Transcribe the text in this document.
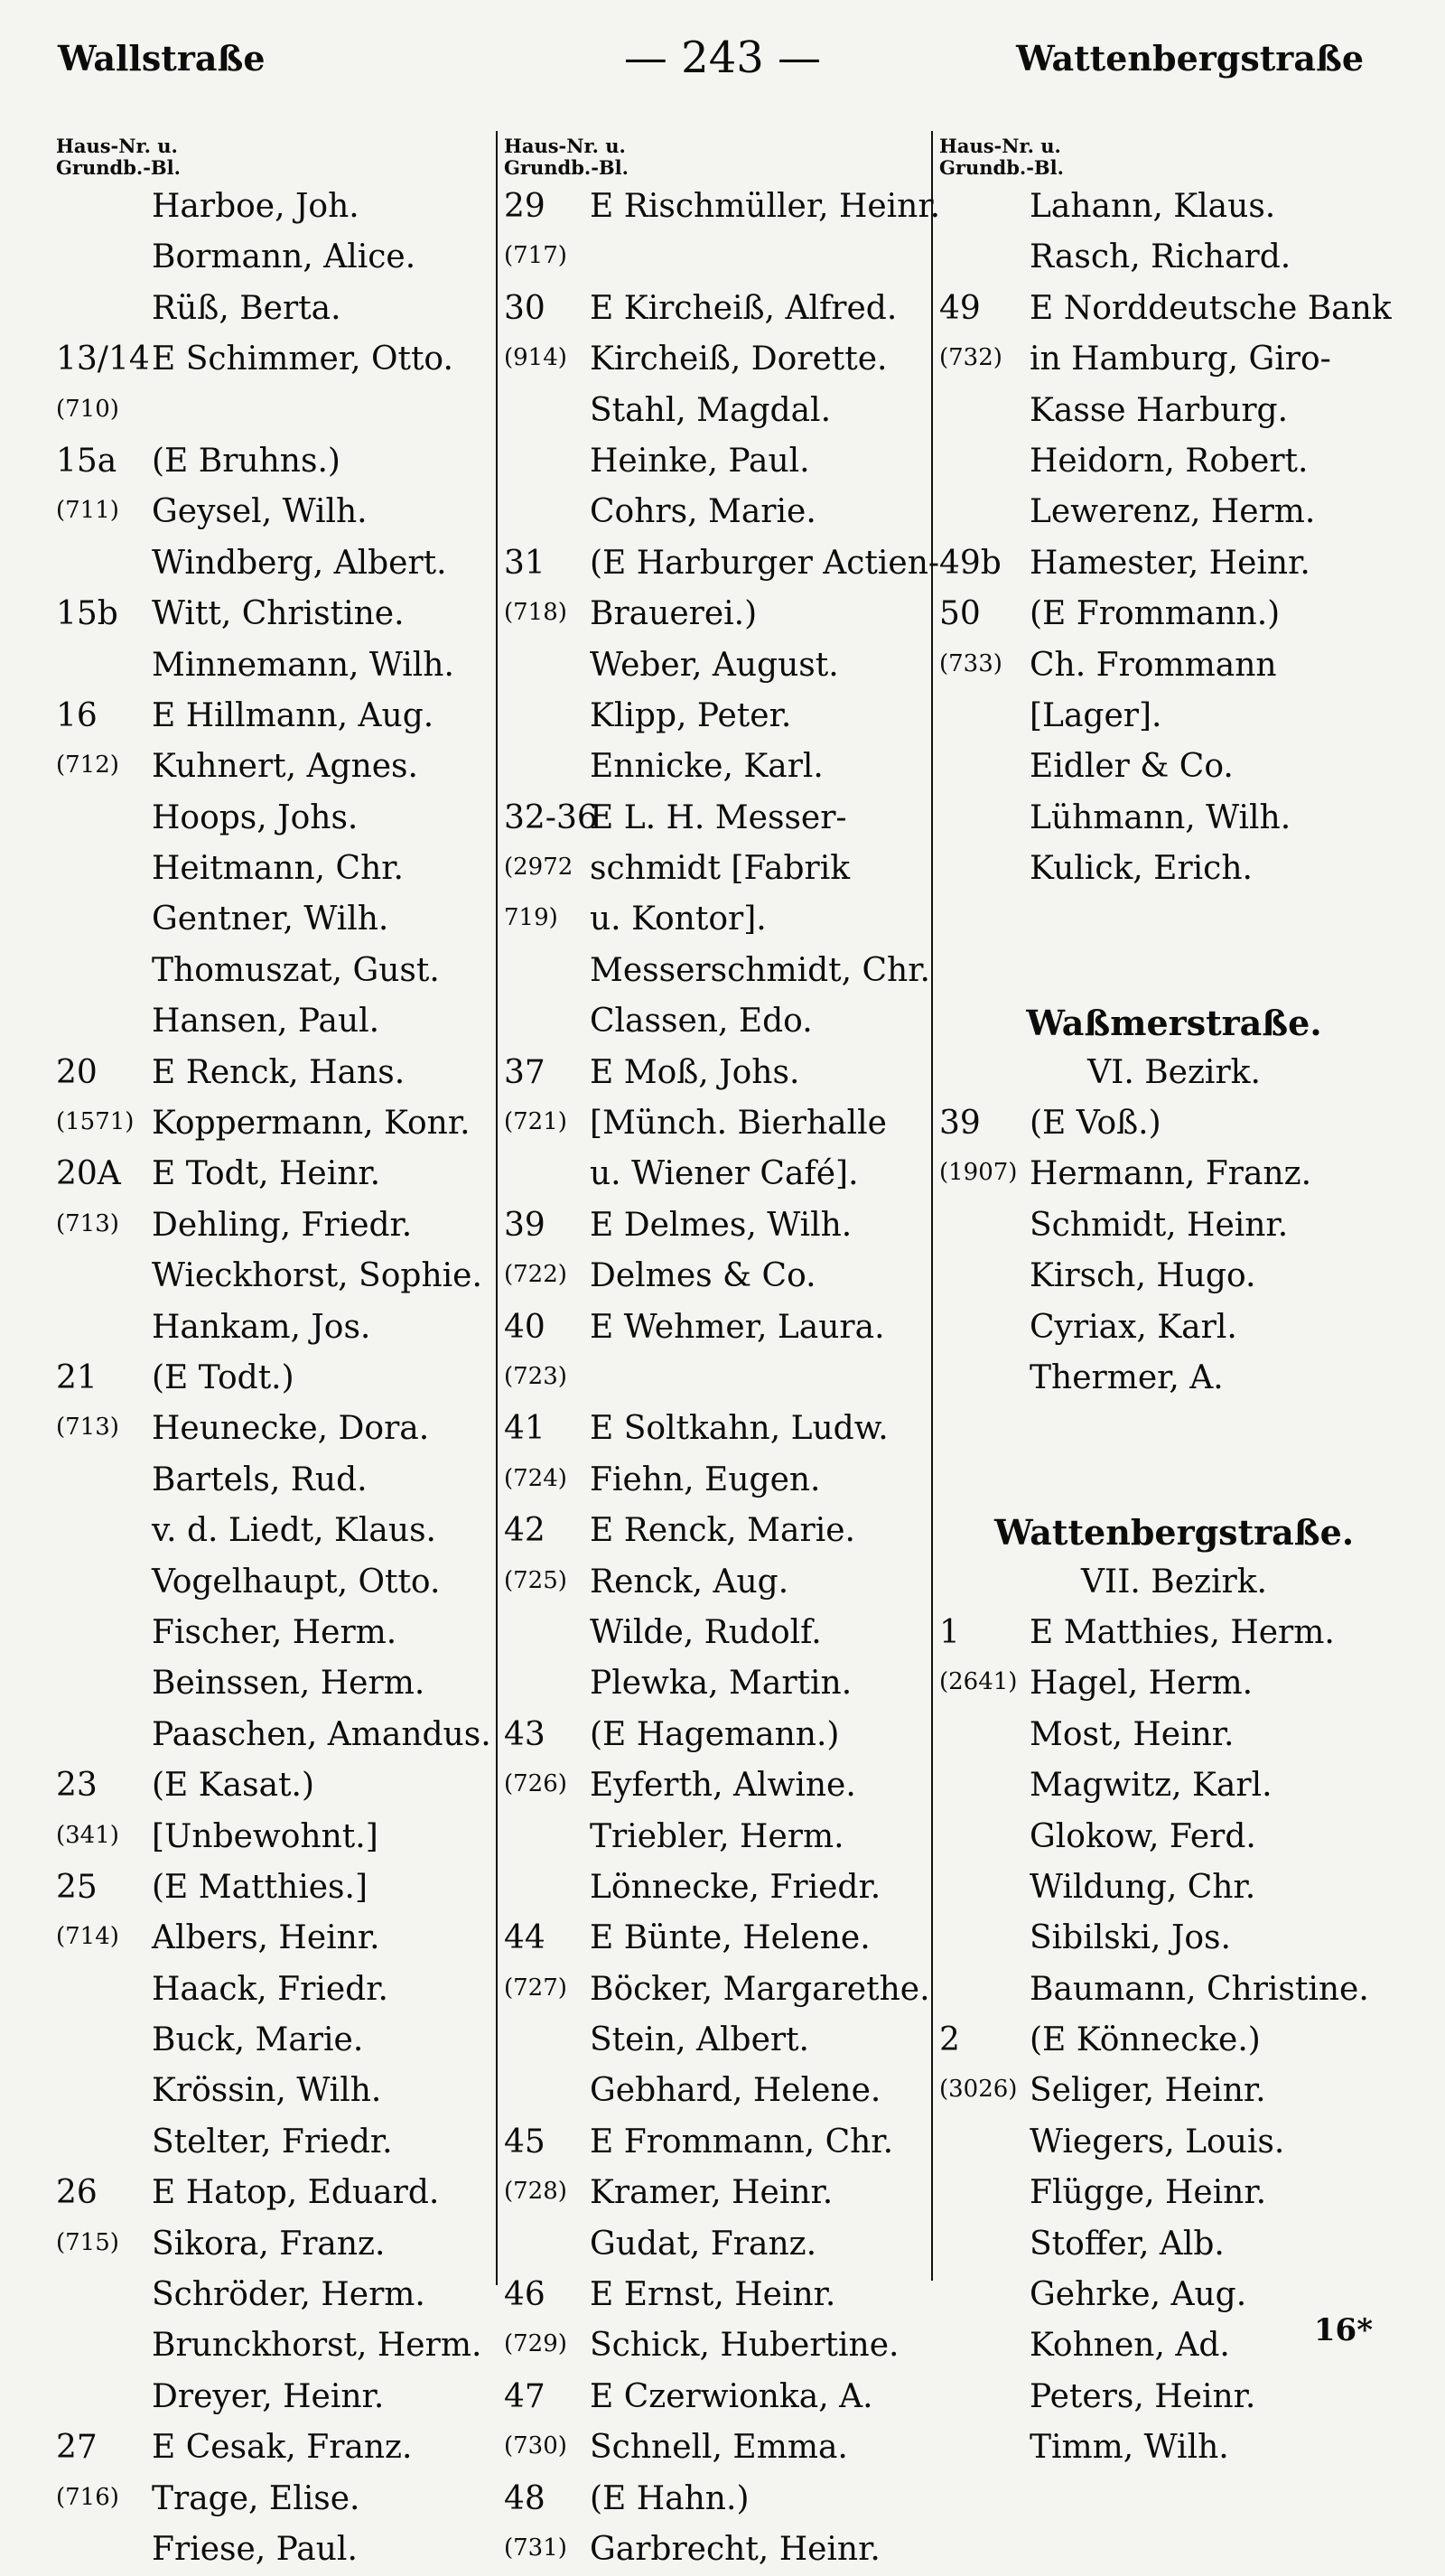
Wallstraße	— 243 —	Wattenbergstraße
Haus-Nr. u.
Grundb.-Bl.
Harboe, Joh.
Bormann, Alice.
Rüß, Berta.
13/14 E Schimmer, Otto.
(710)
15a (E Bruhns.)
(711) Geysel, Wilh.
Windberg, Albert.
15b Witt, Christine.
Minnemann, Wilh.
16 E Hillmann, Aug.
(712) Kuhnert, Agnes.
Hoops, Johs.
Heitmann, Chr.
Gentner, Wilh.
Thomuszat, Gust.
Hansen, Paul.
20 E Renck, Hans.
(1571) Koppermann, Konr.
20A E Todt, Heinr.
(713) Dehling, Friedr.
Wieckhorst, Sophie.
Hankam, Jos.
21 (E Todt.)
(713) Heunecke, Dora.
Bartels, Rud.
v. d. Liedt, Klaus.
Vogelhaupt, Otto.
Fischer, Herm.
Beinssen, Herm.
Paaschen, Amandus.
23 (E Kasat.)
(341) [Unbewohnt.]
25 (E Matthies.]
(714) Albers, Heinr.
Haack, Friedr.
Buck, Marie.
Krössin, Wilh.
Stelter, Friedr.
26 E Hatop, Eduard.
(715) Sikora, Franz.
Schröder, Herm.
Brunckhorst, Herm.
Dreyer, Heinr.
27 E Cesak, Franz.
(716) Trage, Elise.
Friese, Paul.
Haus-Nr. u.
Grundb.-Bl.
29 E Rischmüller, Heinr.
(717)
30 E Kircheiß, Alfred.
(914) Kircheiß, Dorette.
Stahl, Magdal.
Heinke, Paul.
Cohrs, Marie.
31 (E Harburger Actien-
(718) Brauerei.)
Weber, August.
Klipp, Peter.
Ennicke, Karl.
32-36
E L. H. Messer-
(2972 schmidt [Fabrik
719) u. Kontor].
Messerschmidt, Chr.
Classen, Edo.
37 E Moß, Johs.
(721) [Münch. Bierhalle
u. Wiener Café].
39 E Delmes, Wilh.
(722) Delmes & Co.
40 E Wehmer, Laura.
(723)
41 E Soltkahn, Ludw.
(724) Fiehn, Eugen.
42 E Renck, Marie.
(725) Renck, Aug.
Wilde, Rudolf.
Plewka, Martin.
43 (E Hagemann.)
(726) Eyferth, Alwine.
Triebler, Herm.
Lönnecke, Friedr.
44 E Bünte, Helene.
(727) Böcker, Margarethe.
Stein, Albert.
Gebhard, Helene.
45 E Frommann, Chr.
(728) Kramer, Heinr.
Gudat, Franz.
46 E Ernst, Heinr.
(729) Schick, Hubertine.
47 E Czerwionka, A.
(730) Schnell, Emma.
48 (E Hahn.)
(731) Garbrecht, Heinr.
Haus-Nr. u.
Grundb.-Bl.
Lahann, Klaus.
Rasch, Richard.
49 E Norddeutsche Bank
(732) in Hamburg, Giro-
Kasse Harburg.
Heidorn, Robert.
Lewerenz, Herm.
49b Hamester, Heinr.
50 (E Frommann.)
(733) Ch. Frommann
[Lager].
Eidler & Co.
Lühmann, Wilh.
Kulick, Erich.
Waßmerstraße.
VI. Bezirk.
39 (E Voß.)
(1907) Hermann, Franz.
Schmidt, Heinr.
Kirsch, Hugo.
Cyriax, Karl.
Thermer, A.
Wattenbergstraße.
VII. Bezirk.
1 E Matthies, Herm.
(2641) Hagel, Herm.
Most, Heinr.
Magwitz, Karl.
Glokow, Ferd.
Wildung, Chr.
Sibilski, Jos.
Baumann, Christine.
2 (E Könnecke.)
(3026) Seliger, Heinr.
Wiegers, Louis.
Flügge, Heinr.
Stoffer, Alb.
Gehrke, Aug.
Kohnen, Ad.
Peters, Heinr.
Timm, Wilh.
16*
